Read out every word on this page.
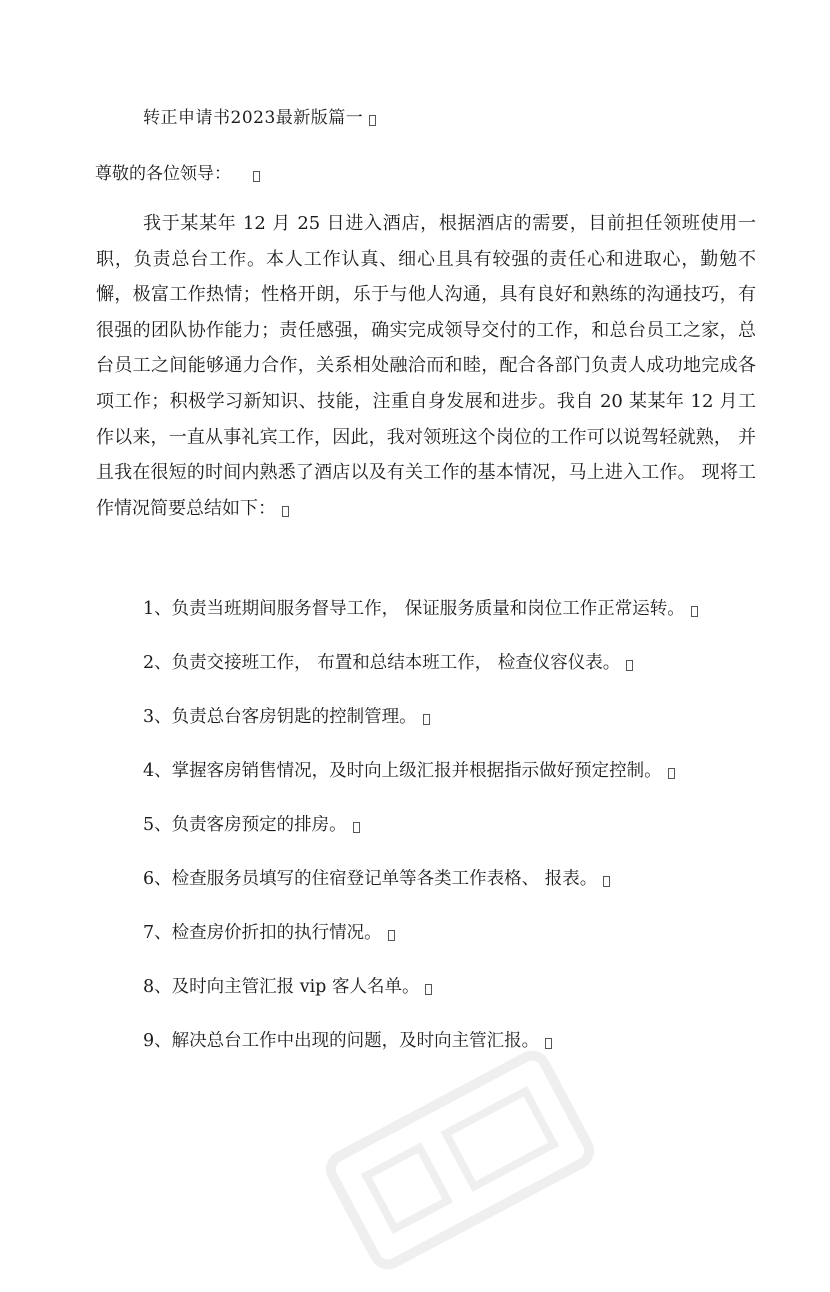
转正申请书2023最新版篇一
尊敬的各位领导：
我于某某年 12 月 25 日进入酒店，根据酒店的需要，目前担任领班使用一职，负责总台工作。本人工作认真、细心且具有较强的责任心和进取心，勤勉不懈，极富工作热情；性格开朗，乐于与他人沟通，具有良好和熟练的沟通技巧，有很强的团队协作能力；责任感强，确实完成领导交付的工作，和总台员工之家，总台员工之间能够通力合作，关系相处融洽而和睦，配合各部门负责人成功地完成各项工作；积极学习新知识、技能，注重自身发展和进步。我自 20 某某年 12 月工作以来，一直从事礼宾工作，因此，我对领班这个岗位的工作可以说驾轻就熟， 并且我在很短的时间内熟悉了酒店以及有关工作的基本情况，马上进入工作。 现将工作情况简要总结如下：
1、负责当班期间服务督导工作， 保证服务质量和岗位工作正常运转。
2、负责交接班工作， 布置和总结本班工作， 检查仪容仪表。
3、负责总台客房钥匙的控制管理。
4、掌握客房销售情况，及时向上级汇报并根据指示做好预定控制。
5、负责客房预定的排房。
6、检查服务员填写的住宿登记单等各类工作表格、 报表。
7、检查房价折扣的执行情况。
8、及时向主管汇报 vip 客人名单。
9、解决总台工作中出现的问题，及时向主管汇报。
